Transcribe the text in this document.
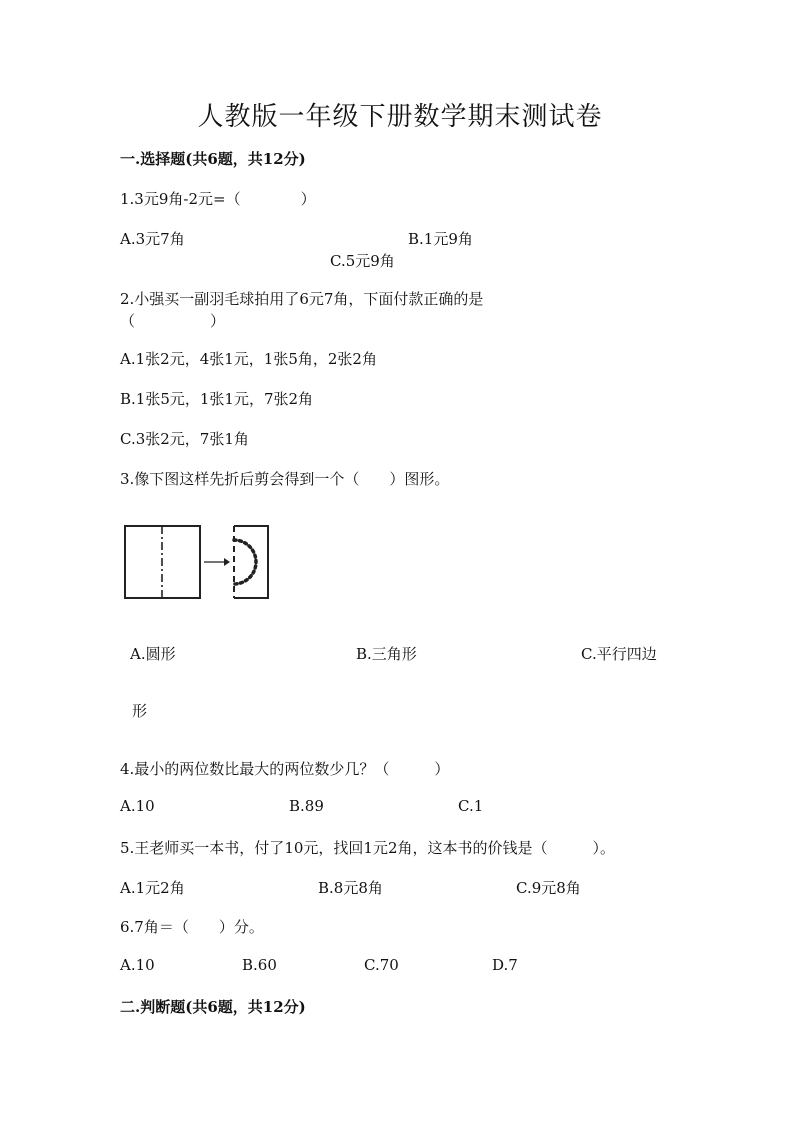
人教版一年级下册数学期末测试卷
一.选择题(共6题，共12分)
1.3元9角-2元=（　　　　）
A.3元7角	B.1元9角
C.5元9角
2.小强买一副羽毛球拍用了6元7角，下面付款正确的是
（　　　　　）
A.1张2元，4张1元，1张5角，2张2角
B.1张5元，1张1元，7张2角
C.3张2元，7张1角
3.像下图这样先折后剪会得到一个（　　）图形。
A.圆形	B.三角形	C.平行四边
形
4.最小的两位数比最大的两位数少几？（　　　）
A.10	B.89	C.1
5.王老师买一本书，付了10元，找回1元2角，这本书的价钱是（　　　）。
A.1元2角	B.8元8角	C.9元8角
6.7角＝（　　）分。
A.10	B.60	C.70	D.7
二.判断题(共6题，共12分)
